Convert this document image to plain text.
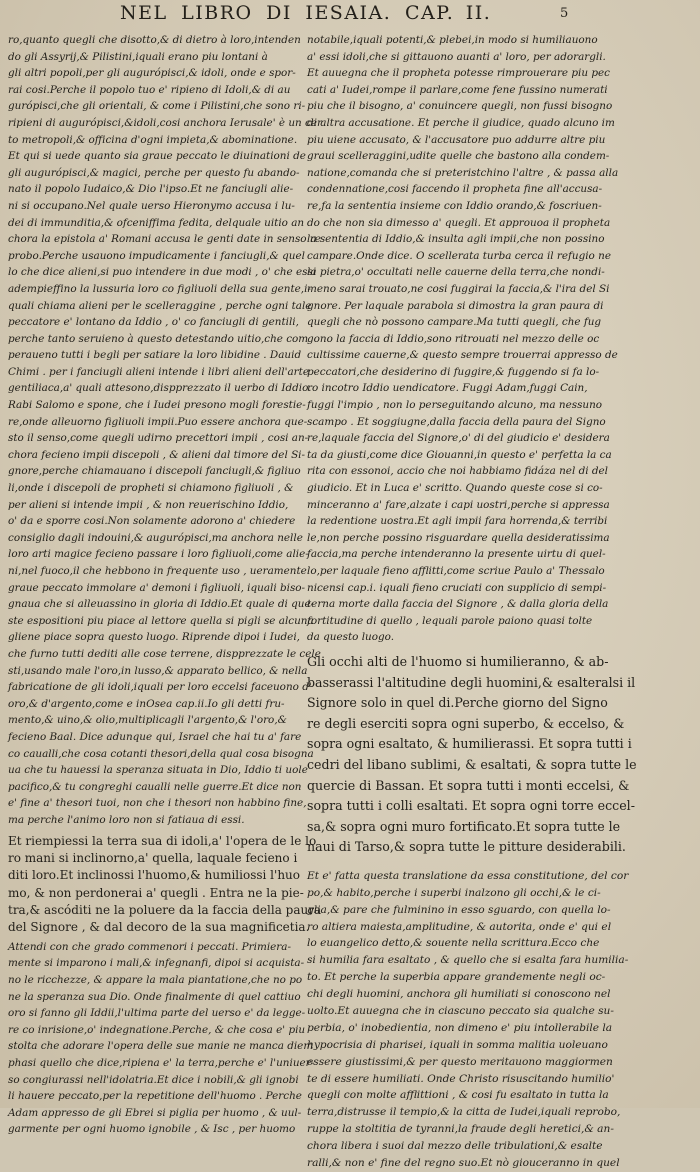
NEL LIBRO DI IESAIA. CAP. II.	5
ro,quanto quegli che disotto,& di dietro à loro,intenden
do gli Assyrij,& Pilistini,iquali erano piu lontani à
gli altri popoli,per gli augurópisci,& idoli, onde e spor-
rai cosi.Perche il popolo tuo e' ripieno di Idoli,& di au
gurópisci,che gli orientali, & come i Pilistini,che sono ri-
ripieni di augurópisci,&idoli,cosi anchora Ierusale' è un cer
to metropoli,& officina d'ogni impieta,& abominatione.
Et qui si uede quanto sia graue peccato le diuinationi de
gli augurópisci,& magici, perche per questo fu abando-
nato il popolo Iudaico,& Dio l'ipso.Et ne fanciugli alie-
ni si occupano.Nel quale uerso Hieronymo accusa i lu-
dei di immunditia,& ofceniffima fedita, delquale uitio an
chora la epistola a' Romani accusa le genti date in senso re
probo.Perche usauono impudicamente i fanciugli,& quel
lo che dice alieni,si puo intendere in due modi , o' che essi
adempieffino la lussuria loro co figliuoli della sua gente,i-
quali chiama alieni per le scelleraggine , perche ogni tale
peccatore e' lontano da Iddio , o' co fanciugli di gentili,
perche tanto seruieno à questo detestando uitio,che com
peraueno tutti i begli per satiare la loro libidine . Dauid
Chimi . per i fanciugli alieni intende i libri alieni dell'arte
gentiliaca,a' quali attesono,dispprezzato il uerbo di Iddio.
Rabi Salomo e spone, che i Iudei presono mogli forestie-
re,onde alleuorno figliuoli impii.Puo essere anchora que-
sto il senso,come quegli udirno precettori impii , cosi an-
chora fecieno impii discepoli , & alieni dal timore del Si-
gnore,perche chiamauano i discepoli fanciugli,& figliuo
li,onde i discepoli de propheti si chiamono figliuoli , &
per alieni si intende impii , & non reuerischino Iddio,
o' da e sporre cosi.Non solamente adorono a' chiedere
consiglio dagli indouini,& augurópisci,ma anchora nelle
loro arti magice fecieno passare i loro figliuoli,come alie-
ni,nel fuoco,il che hebbono in frequente uso , ueramente
graue peccato immolare a' demoni i figliuoli, iquali biso-
gnaua che si alleuassino in gloria di Iddio.Et quale di que-
ste espositioni piu piace al lettore quella si pigli se alcuna
gliene piace sopra questo luogo. Riprende dipoi i Iudei,
che furno tutti dediti alle cose terrene, dispprezzate le cele
sti,usando male l'oro,in lusso,& apparato bellico, & nella
fabricatione de gli idoli,iquali per loro eccelsi faceuono d'
oro,& d'argento,come e inOsea cap.ii.Io gli detti fru-
mento,& uino,& olio,multiplicagli l'argento,& l'oro,&
fecieno Baal. Dice adunque qui, Israel che hai tu a' fare
co caualli,che cosa cotanti thesori,della qual cosa bisogna
ua che tu hauessi la speranza situata in Dio, Iddio ti uole
pacifico,& tu congreghi caualli nelle guerre.Et dice non
e' fine a' thesori tuoi, non che i thesori non habbino fine,
ma perche l'animo loro non si fatiaua di essi.
Et riempiessi la terra sua di idoli,a' l'opera de le lo
ro mani si inclinorno,a' quella, laquale fecieno i
diti loro.Et inclinossi l'huomo,& humiliossi l'huo
mo, & non perdonerai a' quegli . Entra ne la pie-
tra,& ascóditi ne la poluere da la faccia della paura
del Signore , & dal decoro de la sua magnificetia.
Attendi con che grado commenori i peccati. Primiera-
mente si imparono i mali,& infegnanfi, dipoi si acquista-
no le ricchezze, & appare la mala piantatione,che no po
ne la speranza sua Dio. Onde finalmente di quel cattiuo
oro si fanno gli Iddii,l'ultima parte del uerso e' da legge-
re co inrisione,o' indegnatione.Perche, & che cosa e' piu
stolta che adorare l'opera delle sue manie ne manca diem
phasi quello che dice,ripiena e' la terra,perche e' l'uniuer-
so congiurassi nell'idolatria.Et dice i nobili,& gli ignobi
li hauere peccato,per la repetitione dell'huomo . Perche
Adam appresso de gli Ebrei si piglia per huomo , & uul-
garmente per ogni huomo ignobile , & Isc , per huomo
notabile,iquali potenti,& plebei,in modo si humiliauono
a' essi idoli,che si gittauono auanti a' loro, per adorargli.
Et auuegna che il propheta potesse rimprouerare piu pec
cati a' Iudei,rompe il parlare,come fene fussino numerati
piu che il bisogno, a' conuincere quegli, non fussi bisogno
di altra accusatione. Et perche il giudice, quado alcuno im
piu uiene accusato, & l'accusatore puo addurre altre piu
graui scelleraggini,udite quelle che bastono alla condem-
natione,comanda che si preteristchino l'altre , & passa alla
condennatione,cosi faccendo il propheta fine all'accusa-
re,fa la sententia insieme con Iddio orando,& foscriuen-
do che non sia dimesso a' quegli. Et approuoa il propheta
la sententia di Iddio,& insulta agli impii,che non possino
campare.Onde dice. O scellerata turba cerca il refugio ne
la pietra,o' occultati nelle cauerne della terra,che nondi-
meno sarai trouato,ne cosi fuggirai la faccia,& l'ira del Si
gnore. Per laquale parabola si dimostra la gran paura di
quegli che nò possono campare.Ma tutti quegli, che fug
gono la faccia di Iddio,sono ritrouati nel mezzo delle oc
cultissime cauerne,& questo sempre trouerrai appresso de
peccatori,che desiderino di fuggire,& fuggendo si fa lo-
ro incotro Iddio uendicatore. Fuggi Adam,fuggi Cain,
fuggi l'impio , non lo perseguitando alcuno, ma nessuno
scampo . Et soggiugne,dalla faccia della paura del Signo
re,laquale faccia del Signore,o' di del giudicio e' desidera
ta da giusti,come dice Giouanni,in questo e' perfetta la ca
rita con essonoi, accio che noi habbiamo fidáza nel di del
giudicio. Et in Luca e' scritto. Quando queste cose si co-
minceranno a' fare,alzate i capi uostri,perche si appressa
la redentione uostra.Et agli impii fara horrenda,& terribi
le,non perche possino risguardare quella desideratissima
faccia,ma perche intenderanno la presente uirtu di quel-
lo,per laquale fieno afflitti,come scriue Paulo a' Thessalo
nicensi cap.i. iquali fieno cruciati con supplicio di sempi-
terna morte dalla faccia del Signore , & dalla gloria della
fortitudine di quello , lequali parole paiono quasi tolte
da questo luogo.
Gli occhi alti de l'huomo si humilieranno, & ab-
basserassi l'altitudine degli huomini,& esalteralsi il
Signore solo in quel di.Perche giorno del Signo
re degli eserciti sopra ogni superbo, & eccelso, &
sopra ogni esaltato, & humilierassi. Et sopra tutti i
cedri del libano sublimi, & esaltati, & sopra tutte le
quercie di Bassan. Et sopra tutti i monti eccelsi, &
sopra tutti i colli esaltati. Et sopra ogni torre eccel-
sa,& sopra ogni muro fortificato.Et sopra tutte le
naui di Tarso,& sopra tutte le pitture desiderabili.
Et e' fatta questa translatione da essa constitutione, del cor
po,& habito,perche i superbi inalzono gli occhi,& le ci-
glia,& pare che fulminino in esso sguardo, con quella lo-
ro altiera maiesta,amplitudine, & autorita, onde e' qui el
lo euangelico detto,& souente nella scrittura.Ecco che
si humilia fara esaltato , & quello che si esalta fara humilia-
to. Et perche la superbia appare grandemente negli oc-
chi degli huomini, anchora gli humiliati si conoscono nel
uolto.Et auuegna che in ciascuno peccato sia qualche su-
perbia, o' inobedientia, non dimeno e' piu intollerabile la
hypocrisia di pharisei, iquali in somma malitia uoleuano
essere giustissimi,& per questo meritauono maggiormen
te di essere humiliati. Onde Christo risuscitando humilio'
quegli con molte afflittioni , & cosi fu esaltato in tutta la
terra,distrusse il tempio,& la citta de Iudei,iquali reprobo,
ruppe la stoltitia de tyranni,la fraude degli heretici,& an-
chora libera i suoi dal mezzo delle tribulationi,& esalte
ralli,& non e' fine del regno suo.Et nò giouceranno in quel
